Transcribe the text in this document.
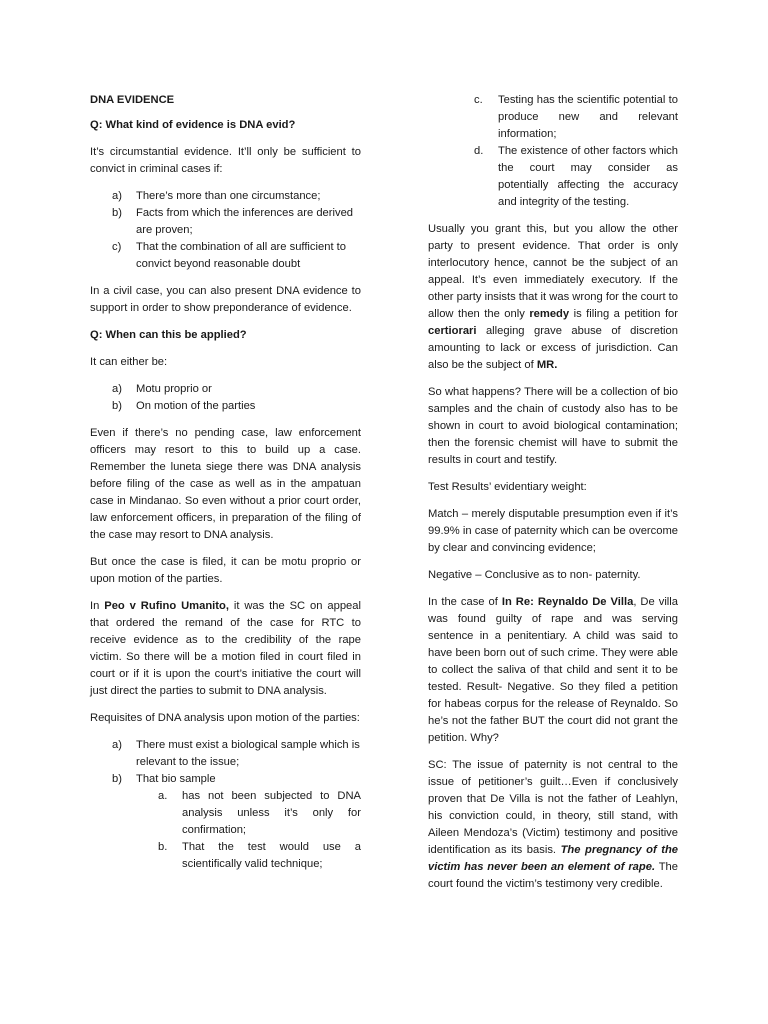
DNA EVIDENCE

Q: What kind of evidence is DNA evid?

It’s circumstantial evidence. It’ll only be sufficient to convict in criminal cases if:

a)	There’s more than one circumstance;
b)	Facts from which the inferences are derived are proven;
c)	That the combination of all are sufficient to convict beyond reasonable doubt

In a civil case, you can also present DNA evidence to support in order to show preponderance of evidence.

Q: When can this be applied?

It can either be:

a)	Motu proprio or
b)	On motion of the parties

Even if there’s no pending case, law enforcement officers may resort to this to build up a case. Remember the luneta siege there was DNA analysis before filing of the case as well as in the ampatuan case in Mindanao. So even without a prior court order, law enforcement officers, in preparation of the filing of the case may resort to DNA analysis.

But once the case is filed, it can be motu proprio or upon motion of the parties.

In Peo v Rufino Umanito, it was the SC on appeal that ordered the remand of the case for RTC to receive evidence as to the credibility of the rape victim. So there will be a motion filed in court filed in court or if it is upon the court’s initiative the court will just direct the parties to submit to DNA analysis.

Requisites of DNA analysis upon motion of the parties:

a)	There must exist a biological sample which is relevant to the issue;
b)	That bio sample
a.	has not been subjected to DNA analysis unless it’s only for confirmation;
b.	That the test would use a scientifically valid technique;
c.	Testing has the scientific potential to produce new and relevant information;
d.	The existence of other factors which the court may consider as potentially affecting the accuracy and integrity of the testing.

Usually you grant this, but you allow the other party to present evidence. That order is only interlocutory hence, cannot be the subject of an appeal. It’s even immediately executory. If the other party insists that it was wrong for the court to allow then the only remedy is filing a petition for certiorari alleging grave abuse of discretion amounting to lack or excess of jurisdiction. Can also be the subject of MR.

So what happens? There will be a collection of bio samples and the chain of custody also has to be shown in court to avoid biological contamination; then the forensic chemist will have to submit the results in court and testify.

Test Results’ evidentiary weight:

Match – merely disputable presumption even if it’s 99.9% in case of paternity which can be overcome by clear and convincing evidence;

Negative – Conclusive as to non- paternity.

In the case of In Re: Reynaldo De Villa, De villa was found guilty of rape and was serving sentence in a penitentiary. A child was said to have been born out of such crime. They were able to collect the saliva of that child and sent it to be tested. Result- Negative. So they filed a petition for habeas corpus for the release of Reynaldo. So he’s not the father BUT the court did not grant the petition. Why?

SC: The issue of paternity is not central to the issue of petitioner’s guilt…Even if conclusively proven that De Villa is not the father of Leahlyn, his conviction could, in theory, still stand, with Aileen Mendoza’s (Victim) testimony and positive identification as its basis. The pregnancy of the victim has never been an element of rape. The court found the victim’s testimony very credible.
